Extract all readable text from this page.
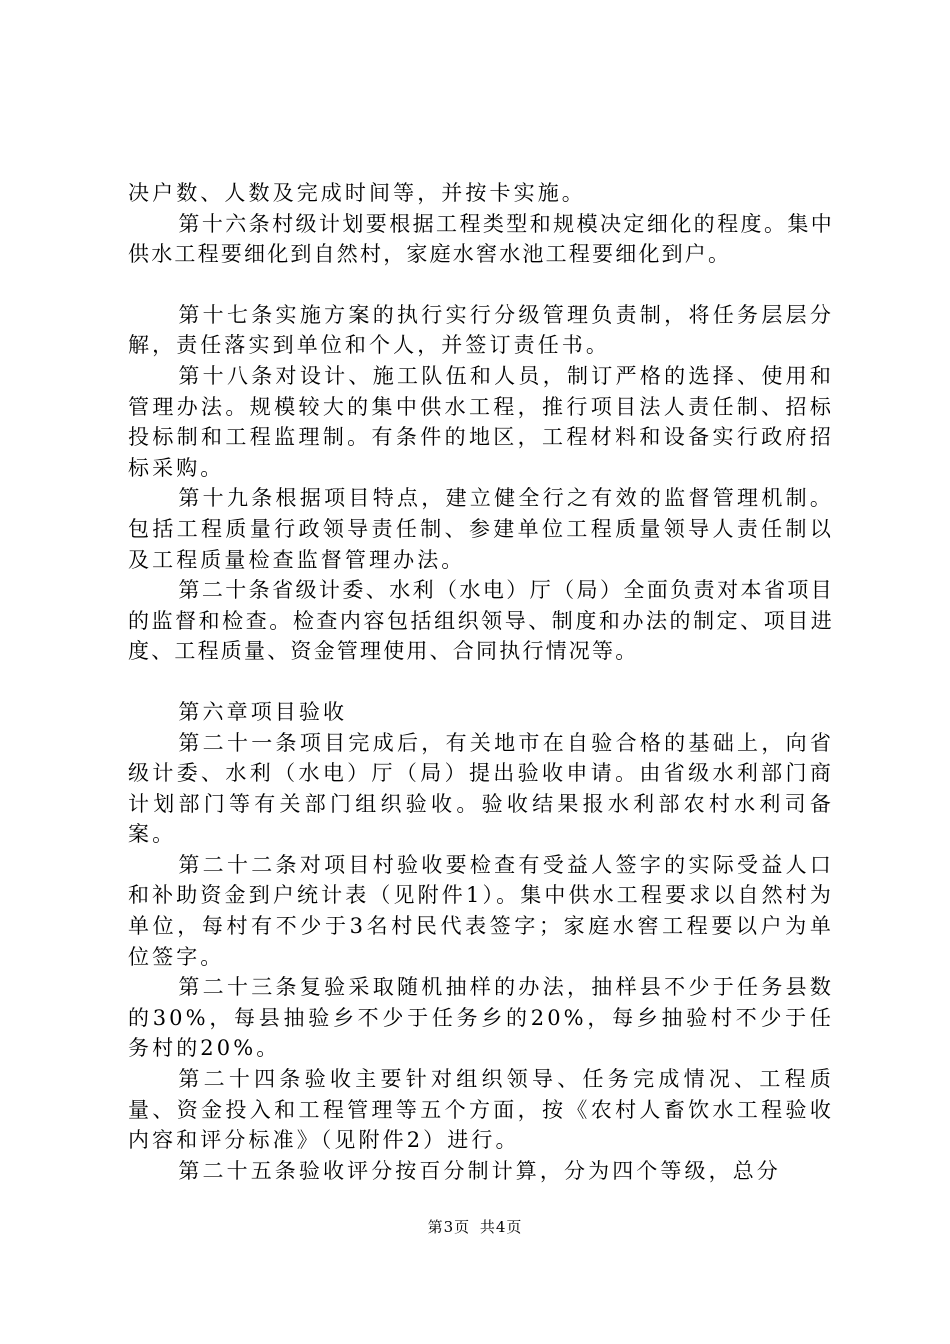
决户数、人数及完成时间等，并按卡实施。

第十六条村级计划要根据工程类型和规模决定细化的程度。集中供水工程要细化到自然村，家庭水窖水池工程要细化到户。

第十七条实施方案的执行实行分级管理负责制，将任务层层分解，责任落实到单位和个人，并签订责任书。

第十八条对设计、施工队伍和人员，制订严格的选择、使用和管理办法。规模较大的集中供水工程，推行项目法人责任制、招标投标制和工程监理制。有条件的地区，工程材料和设备实行政府招标采购。

第十九条根据项目特点，建立健全行之有效的监督管理机制。包括工程质量行政领导责任制、参建单位工程质量领导人责任制以及工程质量检查监督管理办法。

第二十条省级计委、水利（水电）厅（局）全面负责对本省项目的监督和检查。检查内容包括组织领导、制度和办法的制定、项目进度、工程质量、资金管理使用、合同执行情况等。

第六章项目验收

第二十一条项目完成后，有关地市在自验合格的基础上，向省级计委、水利（水电）厅（局）提出验收申请。由省级水利部门商计划部门等有关部门组织验收。验收结果报水利部农村水利司备案。

第二十二条对项目村验收要检查有受益人签字的实际受益人口和补助资金到户统计表（见附件1）。集中供水工程要求以自然村为单位，每村有不少于3名村民代表签字；家庭水窖工程要以户为单位签字。

第二十三条复验采取随机抽样的办法，抽样县不少于任务县数的30%，每县抽验乡不少于任务乡的20%，每乡抽验村不少于任务村的20%。

第二十四条验收主要针对组织领导、任务完成情况、工程质量、资金投入和工程管理等五个方面，按《农村人畜饮水工程验收内容和评分标准》（见附件2）进行。

第二十五条验收评分按百分制计算，分为四个等级，总分

第3页 共4页
